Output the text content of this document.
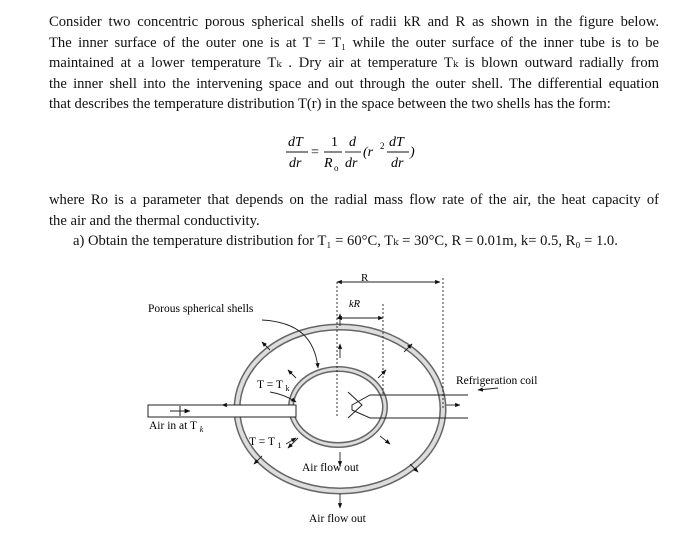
Consider two concentric porous spherical shells of radii kR and R as shown in the figure below.
The inner surface of the outer one is at T = T₁ while the outer surface of the inner tube is to be
maintained at a lower temperature Tₖ . Dry air at temperature Tₖ is blown outward radially from
the inner shell into the intervening space and out through the outer shell. The differential equation
that describes the temperature distribution T(r) in the space between the two shells has the form:
dT
dr
=
1
R o
d
dr
(r 2 dT
dr
)
where Ro is a parameter that depends on the radial mass flow rate of the air, the heat capacity of
the air and the thermal conductivity.
a) Obtain the temperature distribution for T₁ = 60°C, Tₖ = 30°C, R = 0.01m, k= 0.5, R₀ = 1.0.
R
kR
Porous spherical shells
Refrigeration coil
Air in at T $_k$
T = T $_k$
T = T $_1$
Air flow out
Air flow out
